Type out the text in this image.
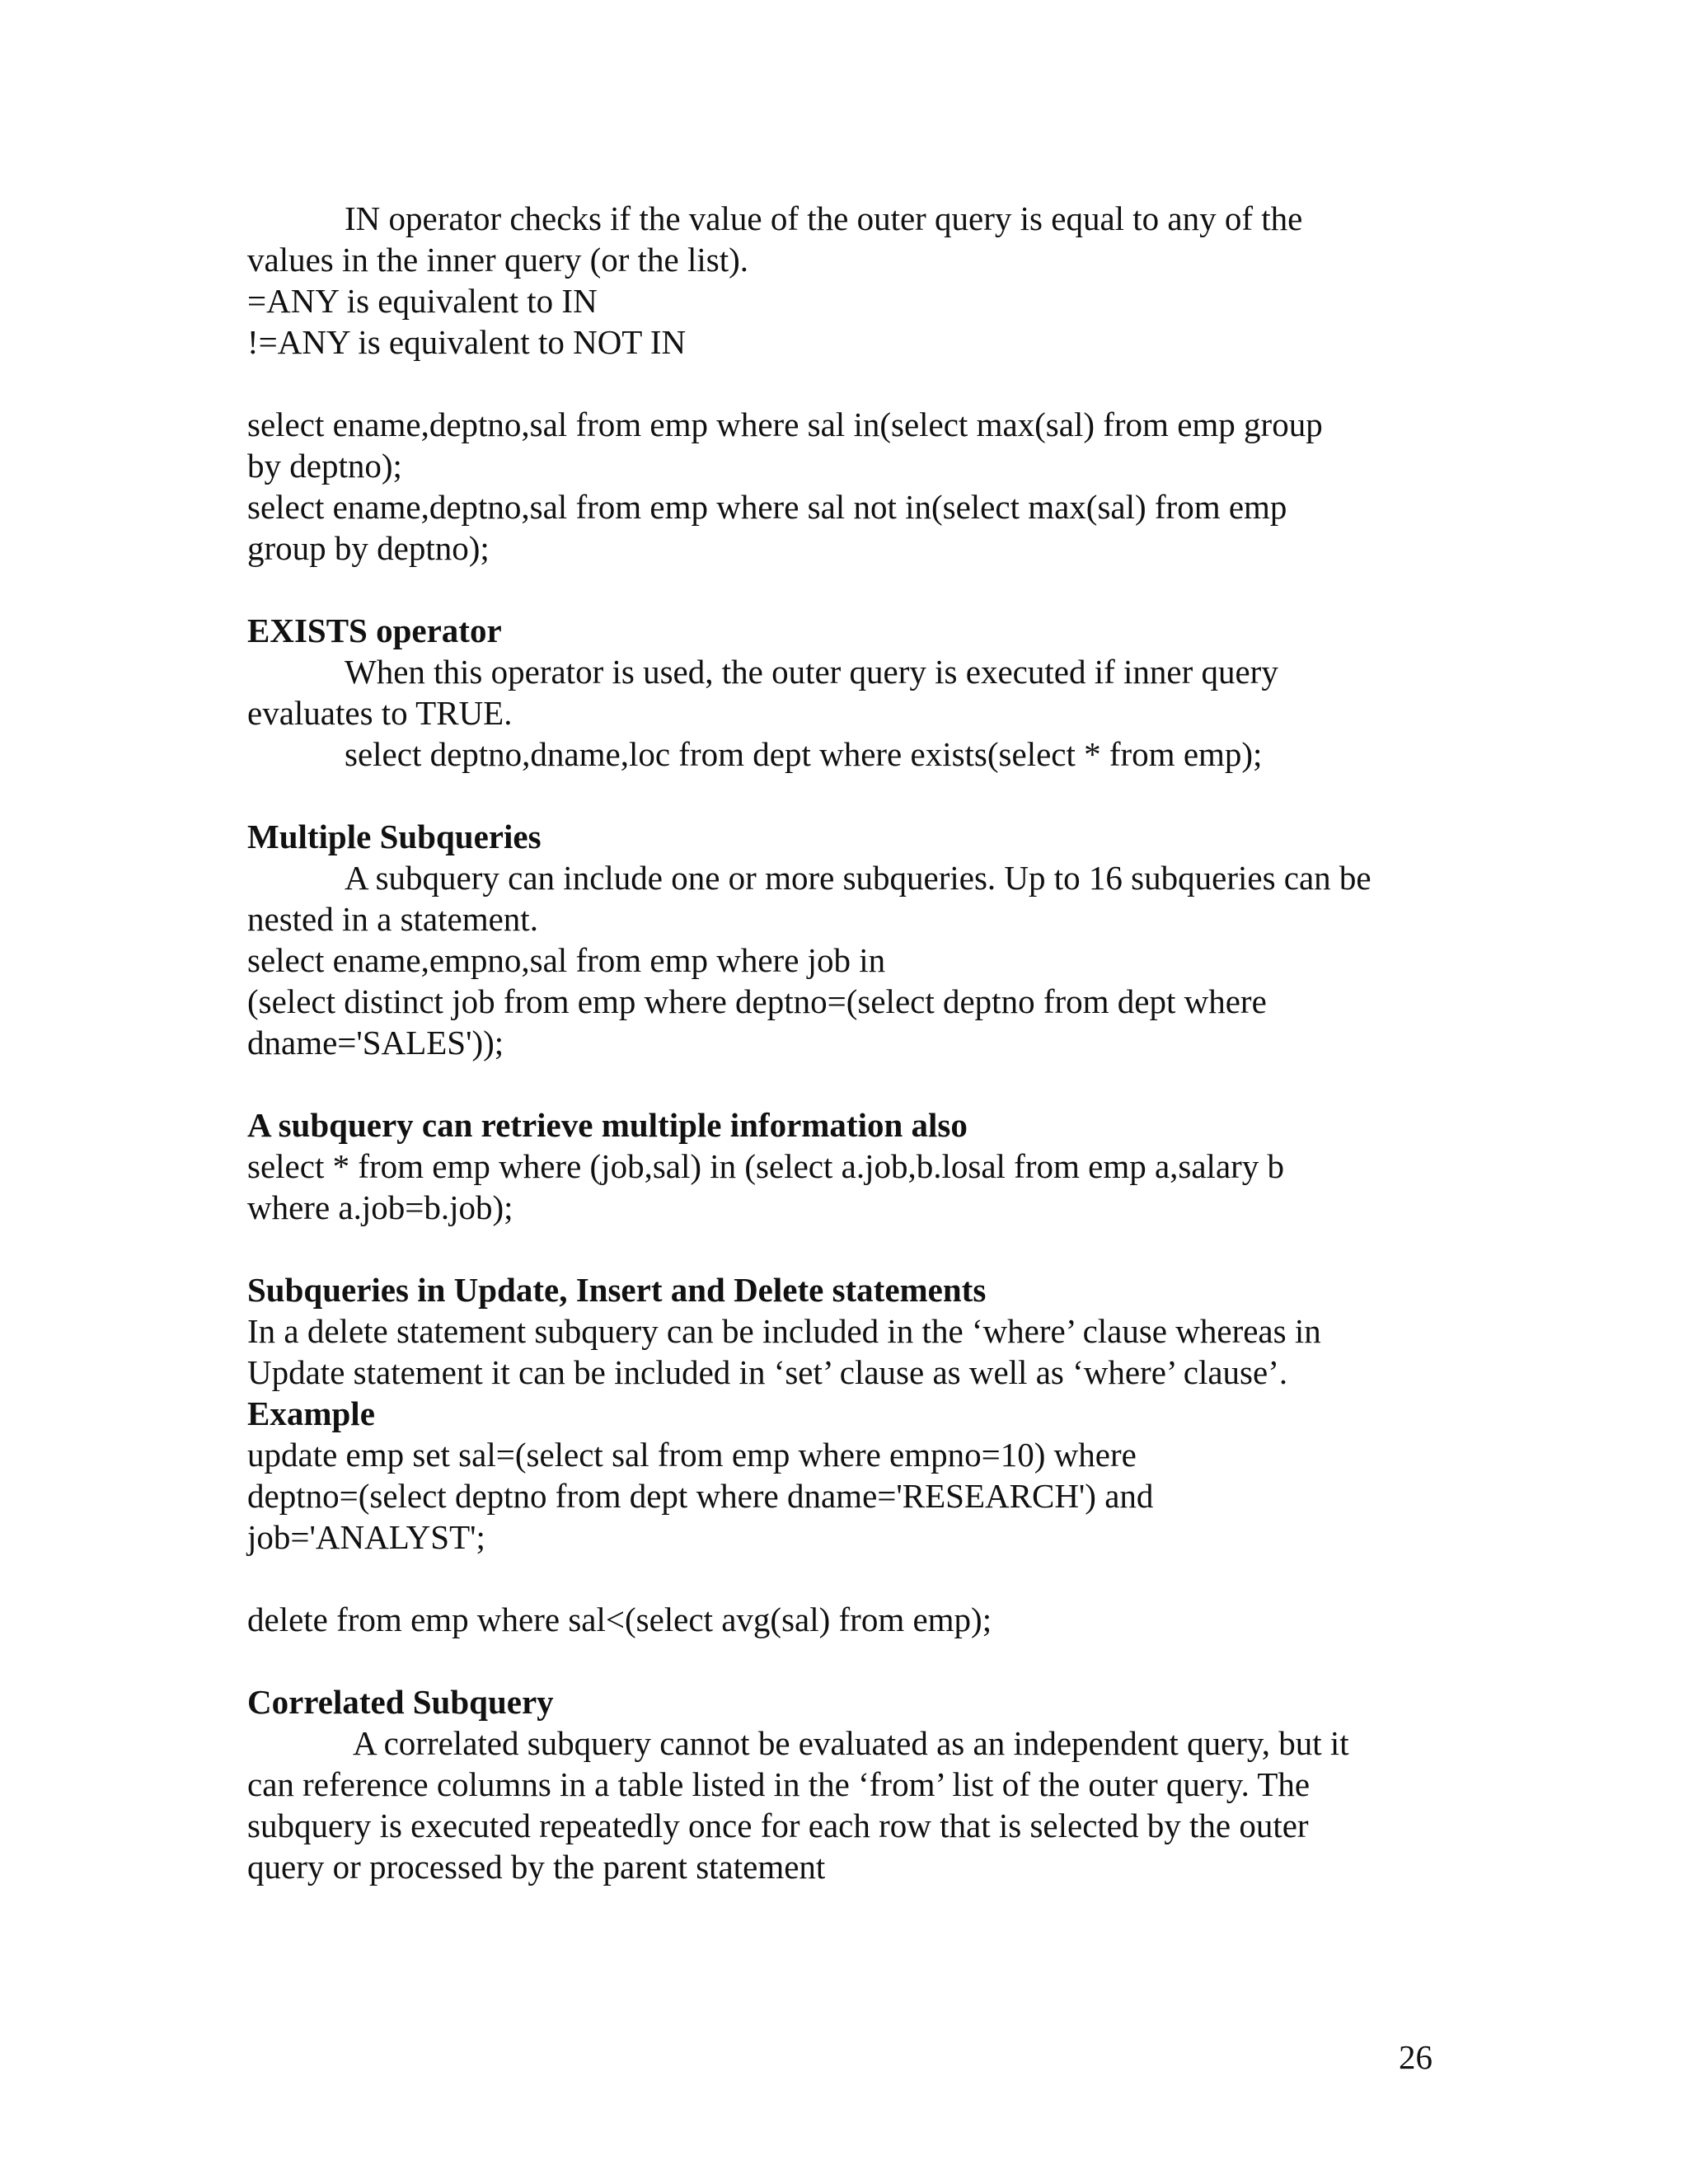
IN operator checks if the value of the outer query is equal to any of the
values in the inner query (or the list).
=ANY is equivalent to IN
!=ANY is equivalent to NOT IN
select ename,deptno,sal from emp where sal in(select max(sal) from emp group
by deptno);
select ename,deptno,sal from emp where sal not in(select max(sal) from emp
group by deptno);
EXISTS operator
When this operator is used, the outer query is executed if inner query
evaluates to TRUE.
select deptno,dname,loc from dept where exists(select * from emp);
Multiple Subqueries
A subquery can include one or more subqueries. Up to 16 subqueries can be
nested in a statement.
select ename,empno,sal from emp where job in
(select distinct job from emp where deptno=(select deptno from dept where
dname='SALES'));
A subquery can retrieve multiple information also
select * from emp where (job,sal) in (select a.job,b.losal from emp a,salary b
where a.job=b.job);
Subqueries in Update, Insert and Delete statements
In a delete statement subquery can be included in the ‘where’ clause whereas in
Update statement it can be included in ‘set’ clause as well as ‘where’ clause’.
Example
update emp set sal=(select sal from emp where empno=10) where
deptno=(select deptno from dept where dname='RESEARCH') and
job='ANALYST';
delete from emp where sal<(select avg(sal) from emp);
Correlated Subquery
A correlated subquery cannot be evaluated as an independent query, but it
can reference columns in a table listed in the ‘from’ list of the outer query. The
subquery is executed repeatedly once for each row that is selected by the outer
query or processed by the parent statement
26
